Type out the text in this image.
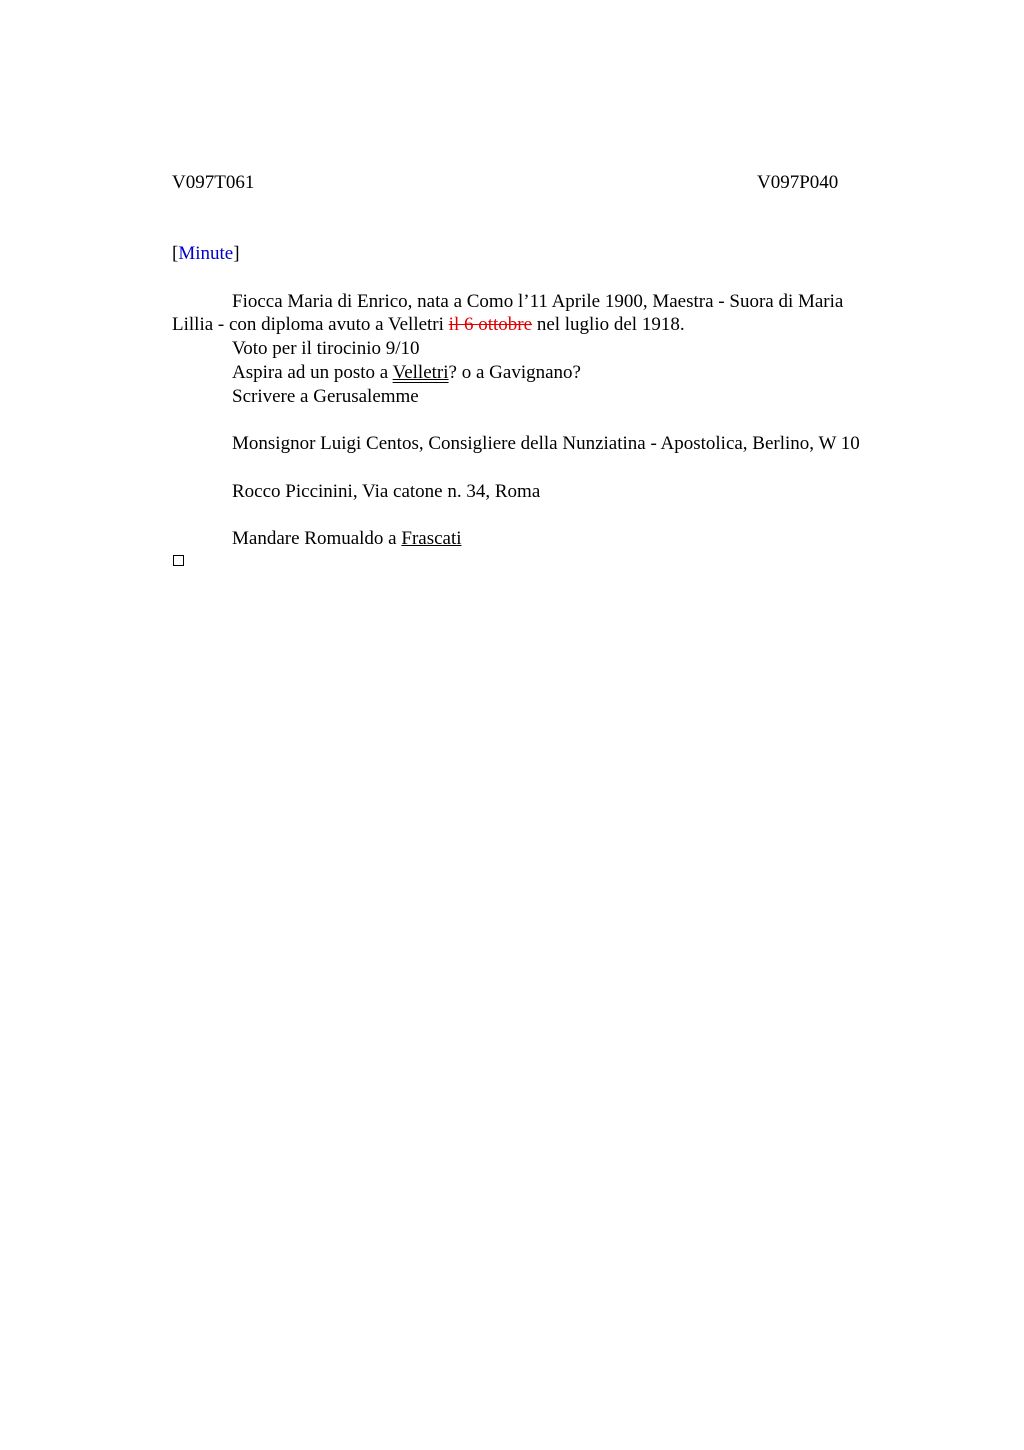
V097T061	V097P040
[Minute]
Fiocca Maria di Enrico, nata a Como l’11 Aprile 1900, Maestra - Suora di Maria
Lillia - con diploma avuto a Velletri il 6 ottobre nel luglio del 1918.
Voto per il tirocinio 9/10
Aspira ad un posto a Velletri? o a Gavignano?
Scrivere a Gerusalemme
Monsignor Luigi Centos, Consigliere della Nunziatina - Apostolica, Berlino, W 10
Rocco Piccinini, Via catone n. 34, Roma
Mandare Romualdo a Frascati
